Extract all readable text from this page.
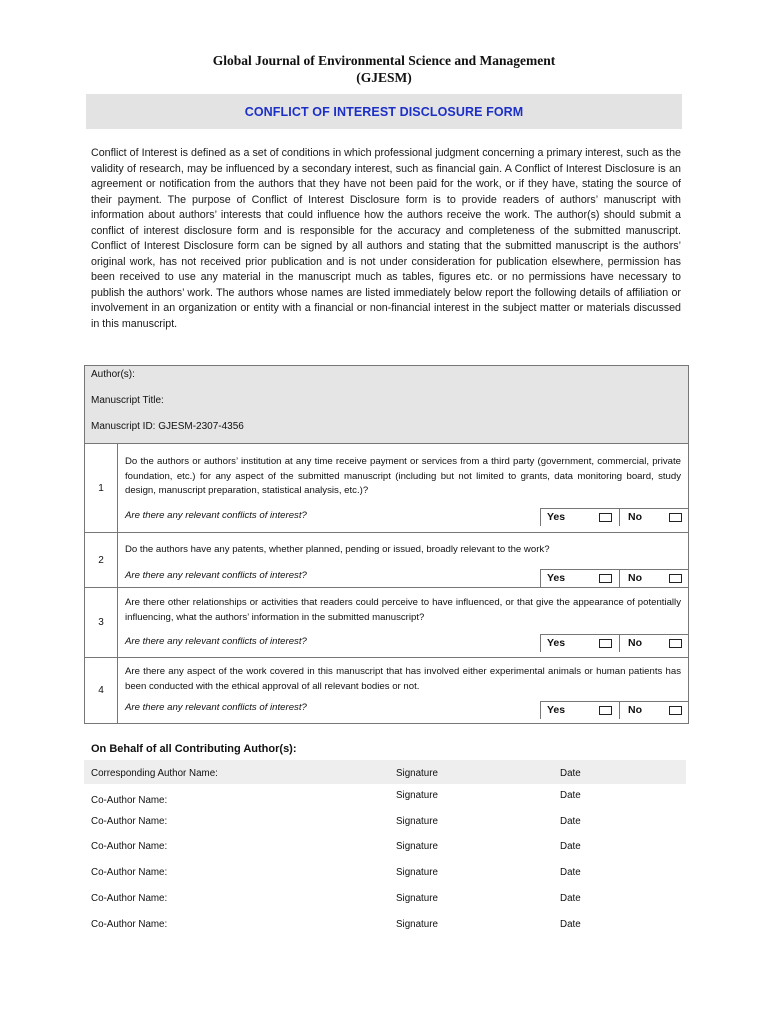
Global Journal of Environmental Science and Management
(GJESM)
CONFLICT OF INTEREST DISCLOSURE FORM
Conflict of Interest is defined as a set of conditions in which professional judgment concerning a primary interest, such as the validity of research, may be influenced by a secondary interest, such as financial gain. A Conflict of Interest Disclosure is an agreement or notification from the authors that they have not been paid for the work, or if they have, stating the source of their payment. The purpose of Conflict of Interest Disclosure form is to provide readers of authors’ manuscript with information about authors’ interests that could influence how the authors receive the work. The author(s) should submit a conflict of interest disclosure form and is responsible for the accuracy and completeness of the submitted manuscript. Conflict of Interest Disclosure form can be signed by all authors and stating that the submitted manuscript is the authors’ original work, has not received prior publication and is not under consideration for publication elsewhere, permission has been received to use any material in the manuscript much as tables, figures etc. or no permissions have necessary to publish the authors’ work. The authors whose names are listed immediately below report the following details of affiliation or involvement in an organization or entity with a financial or non-financial interest in the subject matter or materials discussed in this manuscript.
Author(s):
Manuscript Title:
Manuscript ID: GJESM-2307-4356
1
Do the authors or authors’ institution at any time receive payment or services from a third party (government, commercial, private foundation, etc.) for any aspect of the submitted manuscript (including but not limited to grants, data monitoring board, study design, manuscript preparation, statistical analysis, etc.)?
Are there any relevant conflicts of interest?	Yes	No
2
Do the authors have any patents, whether planned, pending or issued, broadly relevant to the work?
Are there any relevant conflicts of interest?	Yes	No
3
Are there other relationships or activities that readers could perceive to have influenced, or that give the appearance of potentially influencing, what the authors’ information in the submitted manuscript?
Are there any relevant conflicts of interest?	Yes	No
4
Are there any aspect of the work covered in this manuscript that has involved either experimental animals or human patients has been conducted with the ethical approval of all relevant bodies or not.
Are there any relevant conflicts of interest?	Yes	No
On Behalf of all Contributing Author(s):
Corresponding Author Name:	Signature	Date
Co-Author Name:	Signature	Date
Co-Author Name:	Signature	Date
Co-Author Name:	Signature	Date
Co-Author Name:	Signature	Date
Co-Author Name:	Signature	Date
Co-Author Name:	Signature	Date
